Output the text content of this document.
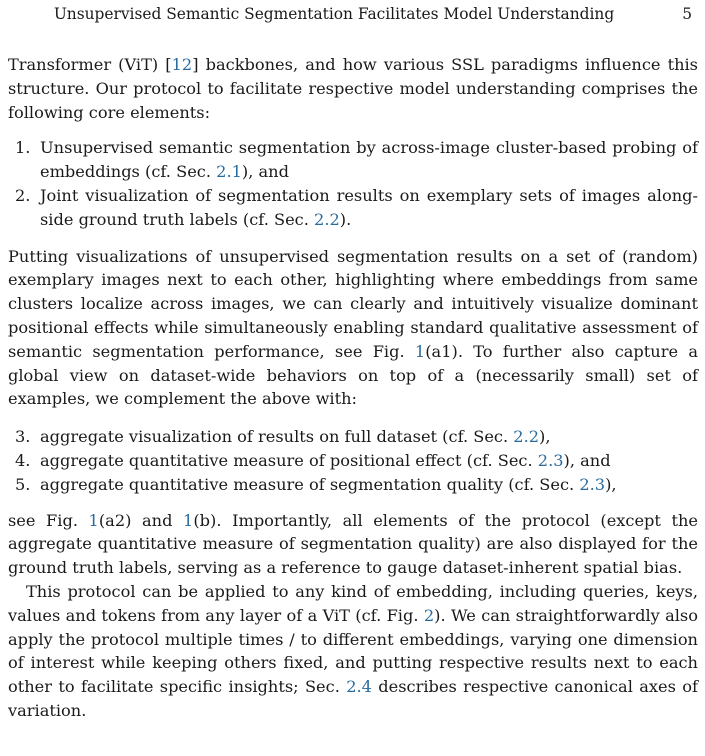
Unsupervised Semantic Segmentation Facilitates Model Understanding	5

Transformer (ViT) [12] backbones, and how various SSL paradigms influence this structure. Our protocol to facilitate respective model understanding comprises the following core elements:

1. Unsupervised semantic segmentation by across-image cluster-based probing of embeddings (cf. Sec. 2.1), and
2. Joint visualization of segmentation results on exemplary sets of images alongside ground truth labels (cf. Sec. 2.2).

Putting visualizations of unsupervised segmentation results on a set of (random) exemplary images next to each other, highlighting where embeddings from same clusters localize across images, we can clearly and intuitively visualize dominant positional effects while simultaneously enabling standard qualitative assessment of semantic segmentation performance, see Fig. 1(a1). To further also capture a global view on dataset-wide behaviors on top of a (necessarily small) set of examples, we complement the above with:

3. aggregate visualization of results on full dataset (cf. Sec. 2.2),
4. aggregate quantitative measure of positional effect (cf. Sec. 2.3), and
5. aggregate quantitative measure of segmentation quality (cf. Sec. 2.3),

see Fig. 1(a2) and 1(b). Importantly, all elements of the protocol (except the aggregate quantitative measure of segmentation quality) are also displayed for the ground truth labels, serving as a reference to gauge dataset-inherent spatial bias.

This protocol can be applied to any kind of embedding, including queries, keys, values and tokens from any layer of a ViT (cf. Fig. 2). We can straightforwardly also apply the protocol multiple times / to different embeddings, varying one dimension of interest while keeping others fixed, and putting respective results next to each other to facilitate specific insights; Sec. 2.4 describes respective canonical axes of variation.
